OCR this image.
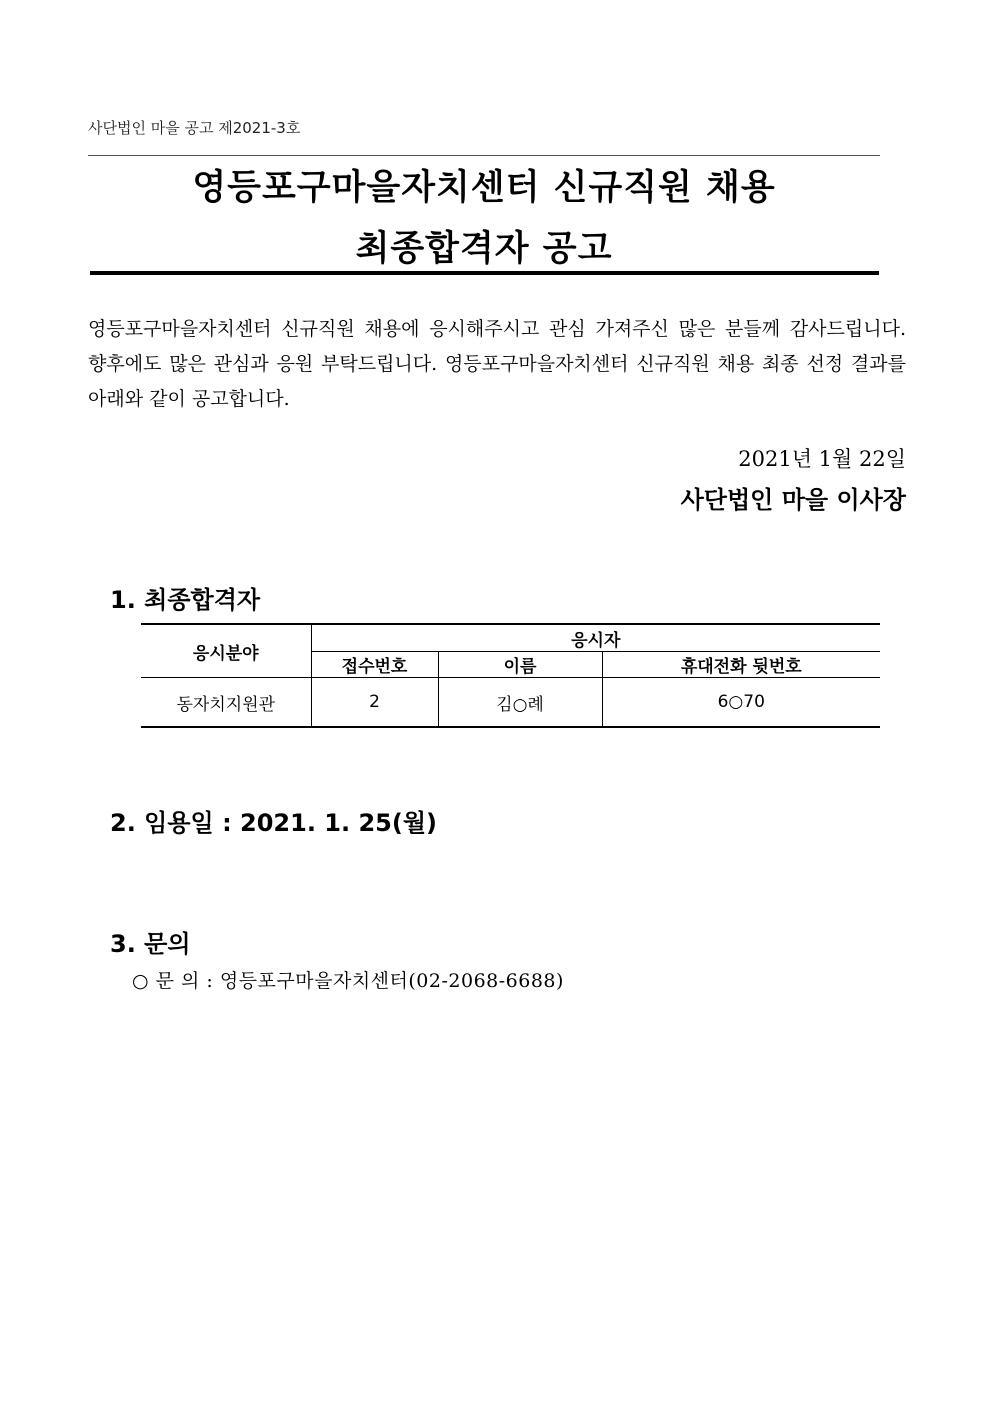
사단법인 마을 공고 제2021-3호
영등포구마을자치센터 신규직원 채용
최종합격자 공고
영등포구마을자치센터 신규직원 채용에 응시해주시고 관심 가져주신 많은 분들께 감사드립니다. 향후에도 많은 관심과 응원 부탁드립니다. 영등포구마을자치센터 신규직원 채용 최종 선정 결과를 아래와 같이 공고합니다.
2021년 1월 22일
사단법인 마을 이사장
1. 최종합격자
응시분야	응시자		
	접수번호	이름	휴대전화 뒷번호
동자치지원관	2	김○례	6○70
2. 임용일 : 2021. 1. 25(월)
3. 문의
○ 문 의 : 영등포구마을자치센터(02-2068-6688)
